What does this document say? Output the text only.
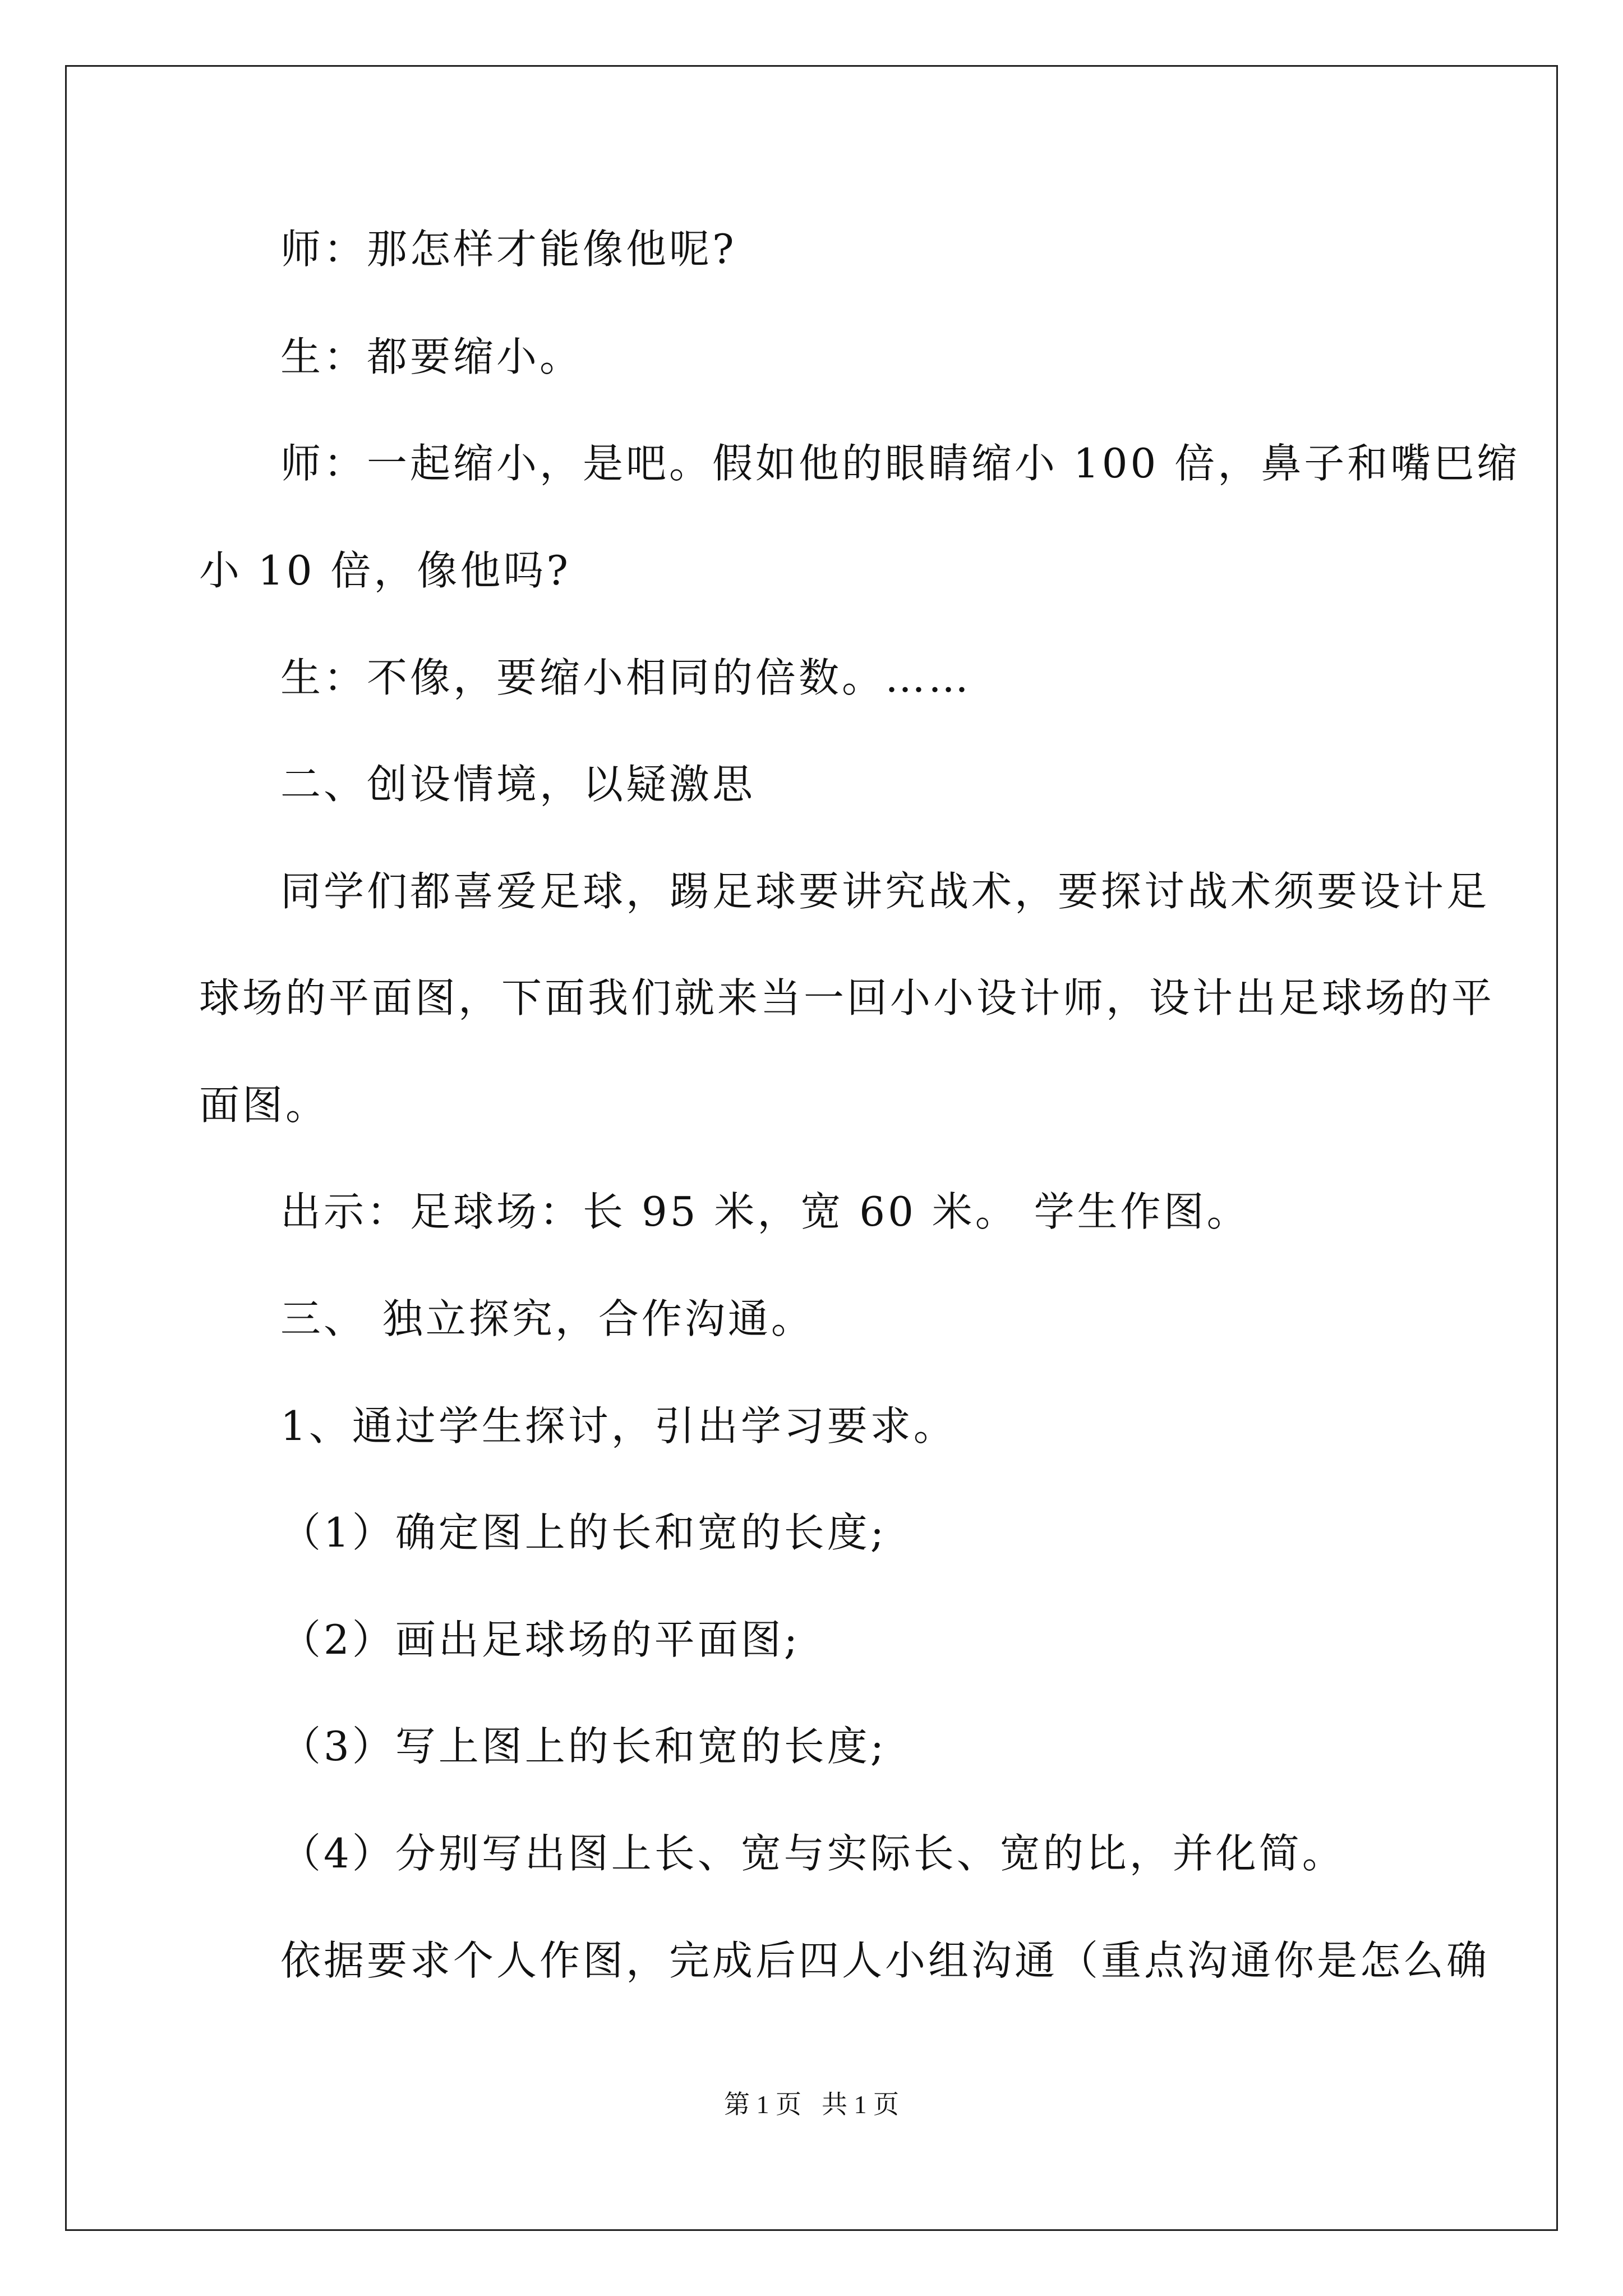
师：那怎样才能像他呢?
生：都要缩小。
师：一起缩小，是吧。假如他的眼睛缩小 100 倍，鼻子和嘴巴缩
小 10 倍，像他吗?
生：不像，要缩小相同的倍数。……
二、创设情境，以疑激思
同学们都喜爱足球，踢足球要讲究战术，要探讨战术须要设计足
球场的平面图，下面我们就来当一回小小设计师，设计出足球场的平
面图。
出示：足球场：长 95 米，宽 60 米。 学生作图。
三、 独立探究，合作沟通。
1、通过学生探讨，引出学习要求。
（1）确定图上的长和宽的长度;
（2）画出足球场的平面图;
（3）写上图上的长和宽的长度;
（4）分别写出图上长、宽与实际长、宽的比，并化简。
依据要求个人作图，完成后四人小组沟通（重点沟通你是怎么确
第 1 页 共 1 页
